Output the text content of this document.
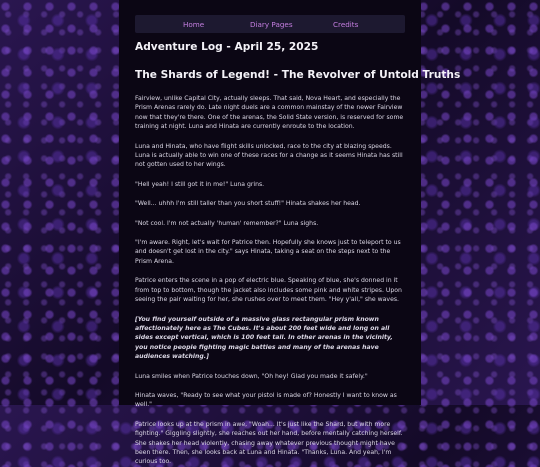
Home	Diary Pages	Credits
Adventure Log - April 25, 2025
The Shards of Legend! - The Revolver of Untold Truths

Fairview, unlike Capital City, actually sleeps. That said, Nova Heart, and especially the Prism Arenas rarely do. Late night duels are a common mainstay of the newer Fairview now that they're there. One of the arenas, the Solid State version, is reserved for some training at night. Luna and Hinata are currently enroute to the location.

Luna and Hinata, who have flight skills unlocked, race to the city at blazing speeds. Luna is actually able to win one of these races for a change as it seems Hinata has still not gotten used to her wings.

"Hell yeah! I still got it in me!" Luna grins.

"Well... uhhh I'm still taller than you short stuff!" Hinata shakes her head.

"Not cool. I'm not actually 'human' remember?" Luna sighs.

"I'm aware. Right, let's wait for Patrice then. Hopefully she knows just to teleport to us and doesn't get lost in the city." says Hinata, taking a seat on the steps next to the Prism Arena.

Patrice enters the scene in a pop of electric blue. Speaking of blue, she's donned in it from top to bottom, though the jacket also includes some pink and white stripes. Upon seeing the pair waiting for her, she rushes over to meet them. "Hey y'all," she waves.

[You find yourself outside of a massive glass rectangular prism known affectionately here as The Cubes. It's about 200 feet wide and long on all sides except vertical, which is 100 feet tall. In other arenas in the vicinity, you notice people fighting magic battles and many of the arenas have audiences watching.]

Luna smiles when Patrice touches down, "Oh hey! Glad you made it safely."

Hinata waves, "Ready to see what your pistol is made of? Honestly I want to know as well."

Patrice looks up at the prism in awe, "Woah... It's just like the Shard, but with more fighting." Giggling slightly, she reaches out her hand, before mentally catching herself. She shakes her head violently, chasing away whatever previous thought might have been there. Then, she looks back at Luna and Hinata. "Thanks, Luna. And yeah, I'm curious too.
